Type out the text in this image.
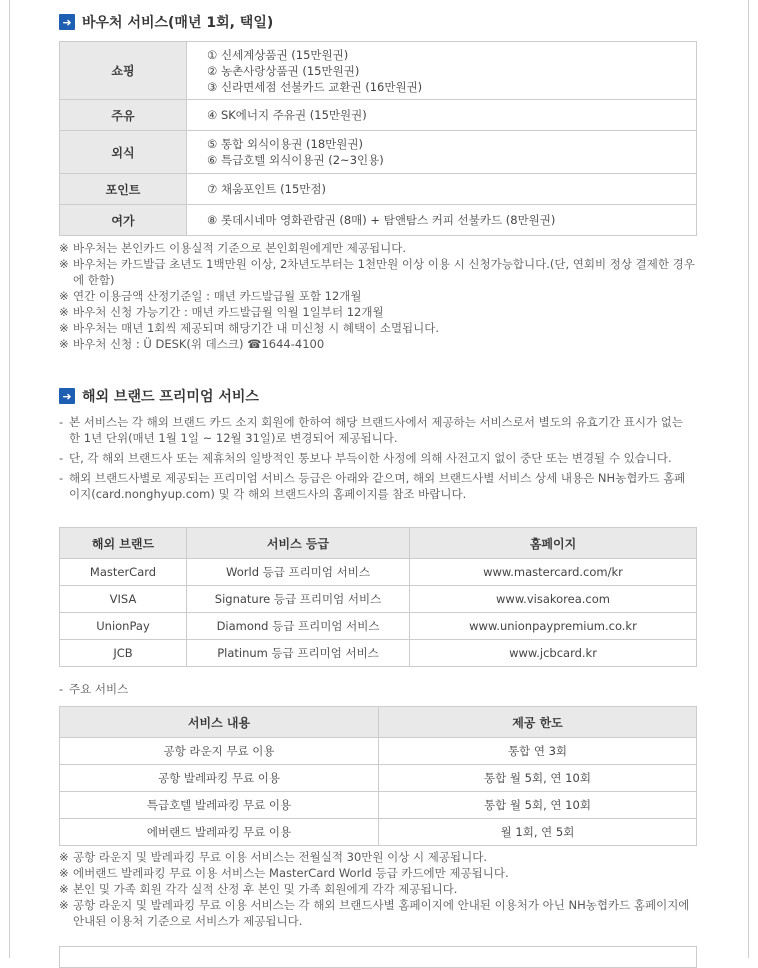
➜ 바우처 서비스(매년 1회, 택일)
쇼핑	① 신세계상품권 (15만원권)
② 농촌사랑상품권 (15만원권)
③ 신라면세점 선불카드 교환권 (16만원권)

주유	④ SK에너지 주유권 (15만원권)

외식	⑤ 통합 외식이용권 (18만원권)
⑥ 특급호텔 외식이용권 (2~3인용)

포인트	⑦ 채움포인트 (15만점)

여가	⑧ 롯데시네마 영화관람권 (8매) + 탐앤탐스 커피 선불카드 (8만원권)
※ 바우처는 본인카드 이용실적 기준으로 본인회원에게만 제공됩니다.
※ 바우처는 카드발급 초년도 1백만원 이상, 2차년도부터는 1천만원 이상 이용 시 신청가능합니다.(단, 연회비 정상 결제한 경우에 한함)
※ 연간 이용금액 산정기준일 : 매년 카드발급월 포함 12개월
※ 바우처 신청 가능기간 : 매년 카드발급월 익월 1일부터 12개월
※ 바우처는 매년 1회씩 제공되며 해당기간 내 미신청 시 혜택이 소멸됩니다.
※ 바우처 신청 : Ü DESK(위 데스크) ☎1644-4100
➜ 해외 브랜드 프리미엄 서비스
- 본 서비스는 각 해외 브랜드 카드 소지 회원에 한하여 해당 브랜드사에서 제공하는 서비스로서 별도의 유효기간 표시가 없는 한 1년 단위(매년 1월 1일 ~ 12월 31일)로 변경되어 제공됩니다.
- 단, 각 해외 브랜드사 또는 제휴처의 일방적인 통보나 부득이한 사정에 의해 사전고지 없이 중단 또는 변경될 수 있습니다.
- 해외 브랜드사별로 제공되는 프리미엄 서비스 등급은 아래와 같으며, 해외 브랜드사별 서비스 상세 내용은 NH농협카드 홈페이지(card.nonghyup.com) 및 각 해외 브랜드사의 홈페이지를 참조 바랍니다.
해외 브랜드	서비스 등급	홈페이지
MasterCard	World 등급 프리미엄 서비스	www.mastercard.com/kr
VISA	Signature 등급 프리미엄 서비스	www.visakorea.com
UnionPay	Diamond 등급 프리미엄 서비스	www.unionpaypremium.co.kr
JCB	Platinum 등급 프리미엄 서비스	www.jcbcard.kr
- 주요 서비스
서비스 내용	제공 한도
공항 라운지 무료 이용	통합 연 3회
공항 발레파킹 무료 이용	통합 월 5회, 연 10회
특급호텔 발레파킹 무료 이용	통합 월 5회, 연 10회
에버랜드 발레파킹 무료 이용	월 1회, 연 5회
※ 공항 라운지 및 발레파킹 무료 이용 서비스는 전월실적 30만원 이상 시 제공됩니다.
※ 에버랜드 발레파킹 무료 이용 서비스는 MasterCard World 등급 카드에만 제공됩니다.
※ 본인 및 가족 회원 각각 실적 산정 후 본인 및 가족 회원에게 각각 제공됩니다.
※ 공항 라운지 및 발레파킹 무료 이용 서비스는 각 해외 브랜드사별 홈페이지에 안내된 이용처가 아닌 NH농협카드 홈페이지에 안내된 이용처 기준으로 서비스가 제공됩니다.
